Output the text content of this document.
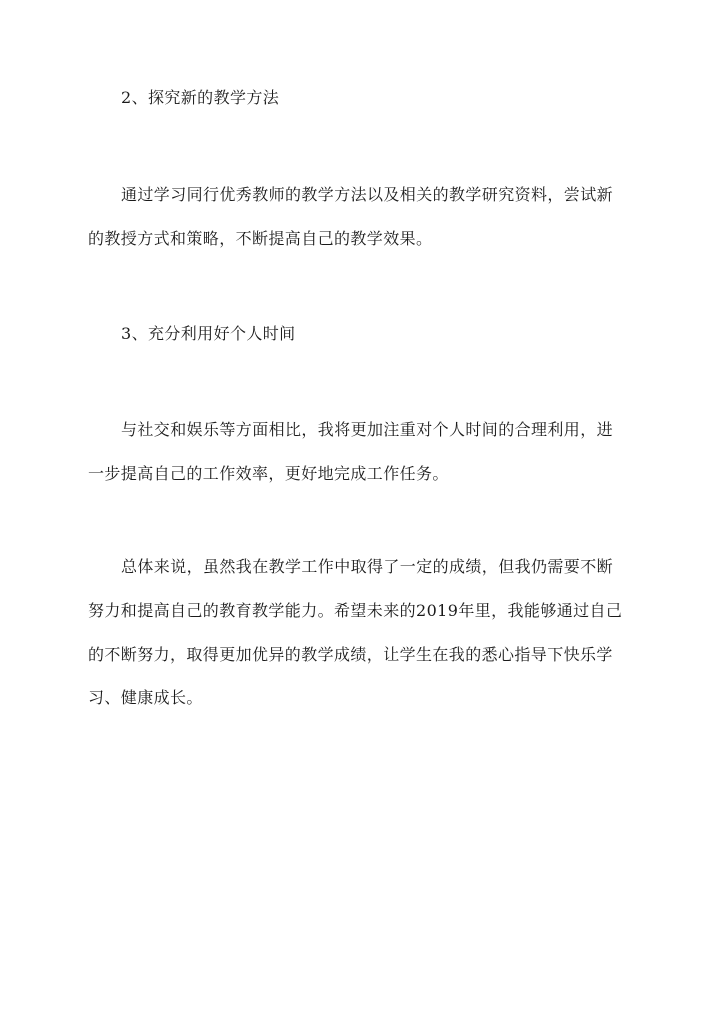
2、探究新的教学方法
通过学习同行优秀教师的教学方法以及相关的教学研究资料，尝试新
的教授方式和策略，不断提高自己的教学效果。
3、充分利用好个人时间
与社交和娱乐等方面相比，我将更加注重对个人时间的合理利用，进
一步提高自己的工作效率，更好地完成工作任务。
总体来说，虽然我在教学工作中取得了一定的成绩，但我仍需要不断
努力和提高自己的教育教学能力。希望未来的2019年里，我能够通过自己
的不断努力，取得更加优异的教学成绩，让学生在我的悉心指导下快乐学
习、健康成长。
